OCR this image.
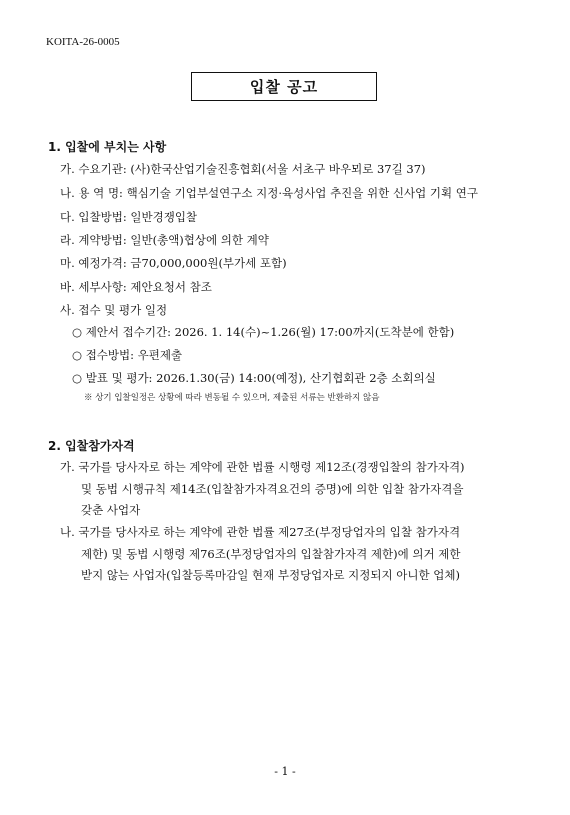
KOITA-26-0005
입찰 공고
1. 입찰에 부치는 사항
가. 수요기관: (사)한국산업기술진흥협회(서울 서초구 바우뫼로 37길 37)
나. 용 역 명: 핵심기술 기업부설연구소 지정·육성사업 추진을 위한 신사업 기획 연구
다. 입찰방법: 일반경쟁입찰
라. 계약방법: 일반(총액)협상에 의한 계약
마. 예정가격: 금70,000,000원(부가세 포함)
바. 세부사항: 제안요청서 참조
사. 접수 및 평가 일정
○ 제안서 접수기간: 2026. 1. 14(수)~1.26(월) 17:00까지(도착분에 한함)
○ 접수방법: 우편제출
○ 발표 및 평가: 2026.1.30(금) 14:00(예정), 산기협회관 2층 소회의실
※ 상기 입찰일정은 상황에 따라 변동될 수 있으며, 제출된 서류는 반환하지 않음
2. 입찰참가자격
가. 국가를 당사자로 하는 계약에 관한 법률 시행령 제12조(경쟁입찰의 참가자격)
및 동법 시행규칙 제14조(입찰참가자격요건의 증명)에 의한 입찰 참가자격을
갖춘 사업자
나. 국가를 당사자로 하는 계약에 관한 법률 제27조(부정당업자의 입찰 참가자격
제한) 및 동법 시행령 제76조(부정당업자의 입찰참가자격 제한)에 의거 제한
받지 않는 사업자(입찰등록마감일 현재 부정당업자로 지정되지 아니한 업체)
- 1 -
